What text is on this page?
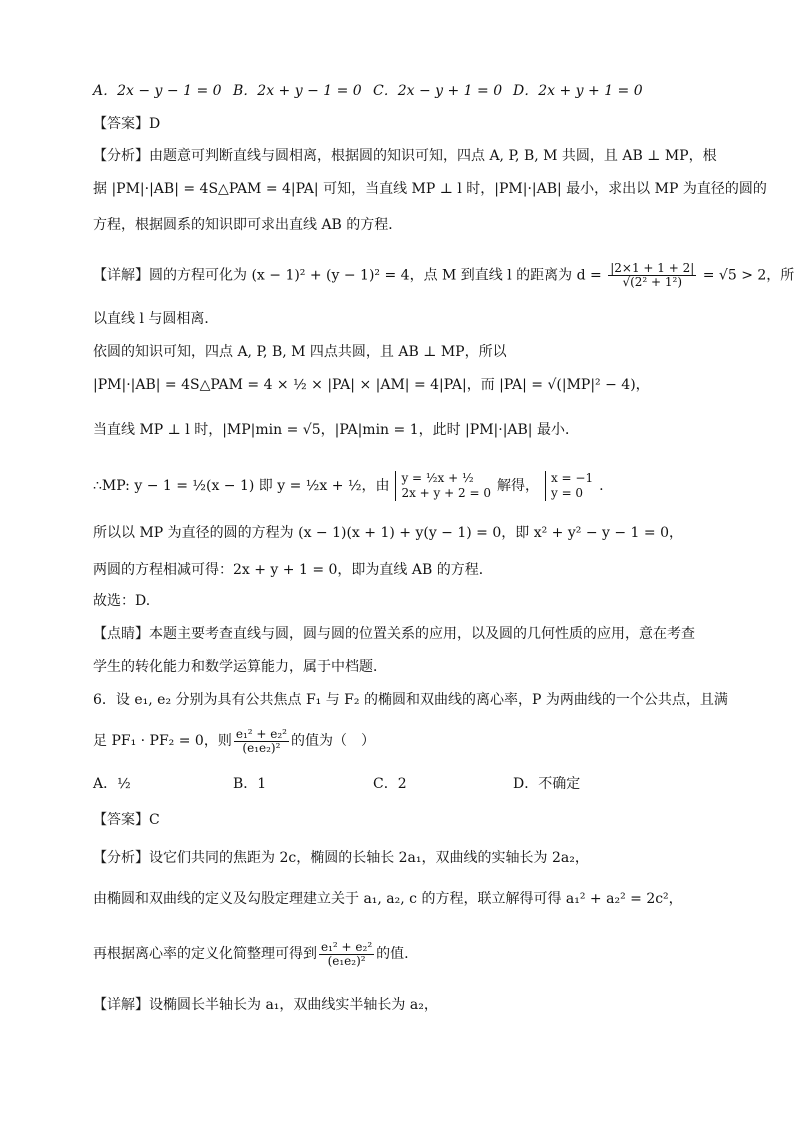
A．2x − y − 1 = 0 B．2x + y − 1 = 0 C．2x − y + 1 = 0 D．2x + y + 1 = 0
【答案】D
【分析】由题意可判断直线与圆相离，根据圆的知识可知，四点 A, P, B, M 共圆，且 AB ⊥ MP，根
据 |PM|·|AB| = 4S△PAM = 4|PA| 可知，当直线 MP ⊥ l 时，|PM|·|AB| 最小，求出以 MP 为直径的圆的
方程，根据圆系的知识即可求出直线 AB 的方程．
【详解】圆的方程可化为 (x − 1)² + (y − 1)² = 4，点 M 到直线 l 的距离为 $d = \frac{|2\times 1 + 1 + 2|}{\text{√(2² + 1²)}} = √5 > 2$，所
以直线 l 与圆相离．
依圆的知识可知，四点 A, P, B, M 四点共圆，且 AB ⊥ MP，所以
|PM|·|AB| = 4S△PAM = 4 × ½ × |PA| × |AM| = 4|PA|，而 |PA| = √(|MP|² − 4)，
当直线 MP ⊥ l 时，|MP|min = √5，|PA|min = 1，此时 |PM|·|AB| 最小．
∴MP: y − 1 = ½(x − 1) 即 y = ½x + ½，由 y = ½x + ½
2x + y + 2 = 0 解得， x = −1
y = 0	.
所以以 MP 为直径的圆的方程为 (x − 1)(x + 1) + y(y − 1) = 0，即 x² + y² − y − 1 = 0，
两圆的方程相减可得：2x + y + 1 = 0，即为直线 AB 的方程．
故选：D.
【点睛】本题主要考查直线与圆，圆与圆的位置关系的应用，以及圆的几何性质的应用，意在考查
学生的转化能力和数学运算能力，属于中档题．
6．设 e₁, e₂ 分别为具有公共焦点 F₁ 与 F₂ 的椭圆和双曲线的离心率，P 为两曲线的一个公共点，且满
足 PF₁ · PF₂ = 0，则 $\frac{\text{e₁² + e₂²}}{\text{(e₁e₂)²}}$ 的值为（　）
A．½	B．1	C．2	D．不确定
【答案】C
【分析】设它们共同的焦距为 2c，椭圆的长轴长 2a₁，双曲线的实轴长为 2a₂，
由椭圆和双曲线的定义及勾股定理建立关于 a₁, a₂, c 的方程，联立解得可得 a₁² + a₂² = 2c²，
再根据离心率的定义化简整理可得到 $\frac{\text{e₁² + e₂²}}{\text{(e₁e₂)²}}$ 的值.
【详解】设椭圆长半轴长为 a₁，双曲线实半轴长为 a₂，
